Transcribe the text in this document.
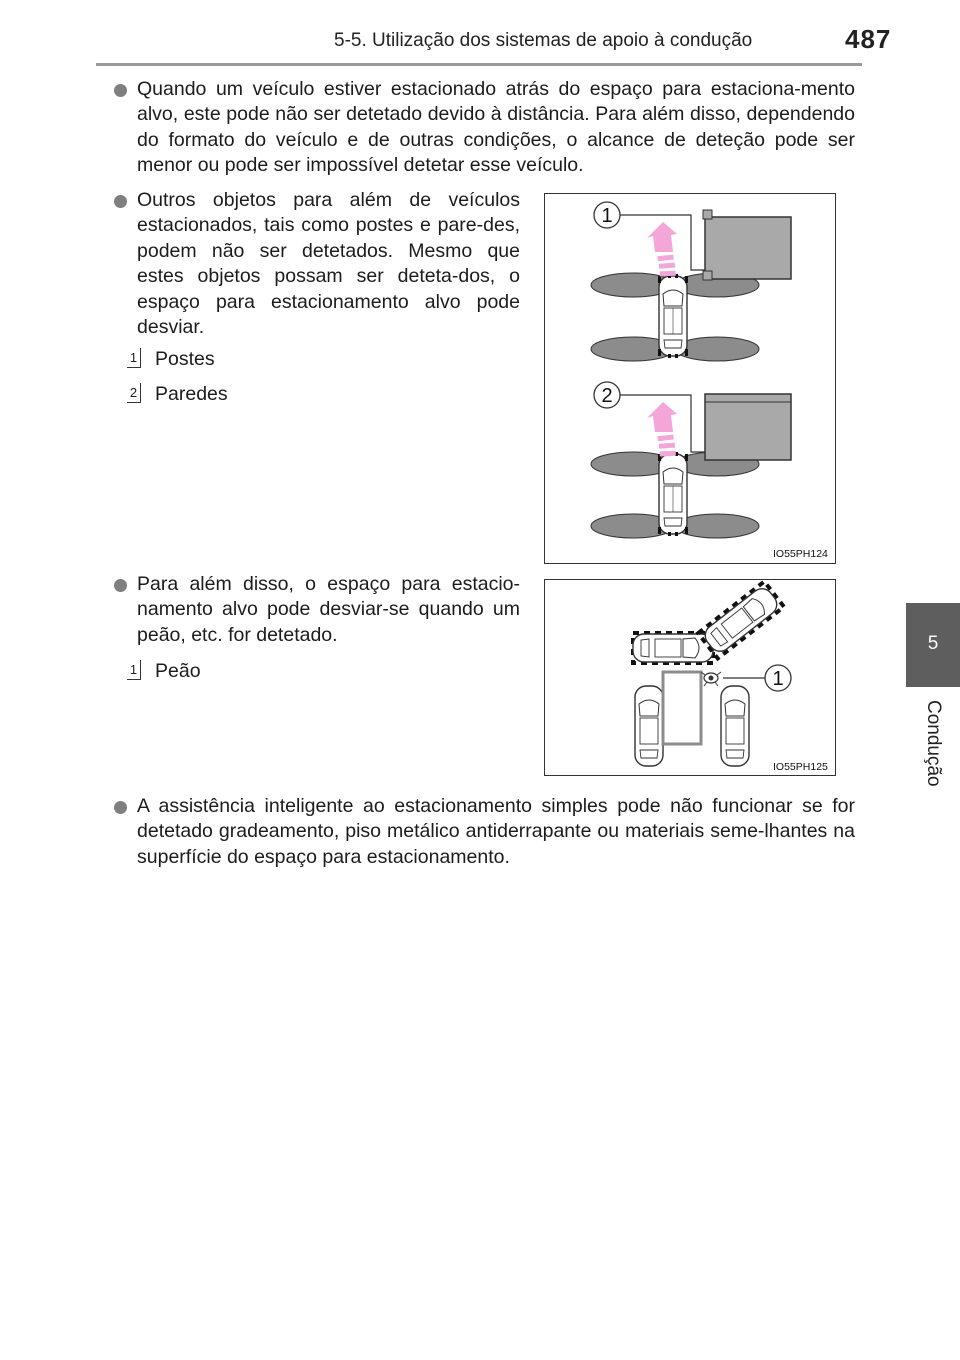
5-5. Utilização dos sistemas de apoio à condução	487
5
Condução
Quando um veículo estiver estacionado atrás do espaço para estaciona-mento alvo, este pode não ser detetado devido à distância. Para além disso, dependendo do formato do veículo e de outras condições, o alcance de deteção pode ser menor ou pode ser impossível detetar esse veículo.
Outros objetos para além de veículos estacionados, tais como postes e pare-des, podem não ser detetados. Mesmo que estes objetos possam ser deteta-dos, o espaço para estacionamento alvo pode desviar.
1 Postes
2 Paredes
1
2
IO55PH124
Para além disso, o espaço para estacio-namento alvo pode desviar-se quando um peão, etc. for detetado.
1 Peão	1
IO55PH125
A assistência inteligente ao estacionamento simples pode não funcionar se for detetado gradeamento, piso metálico antiderrapante ou materiais seme-lhantes na superfície do espaço para estacionamento.
